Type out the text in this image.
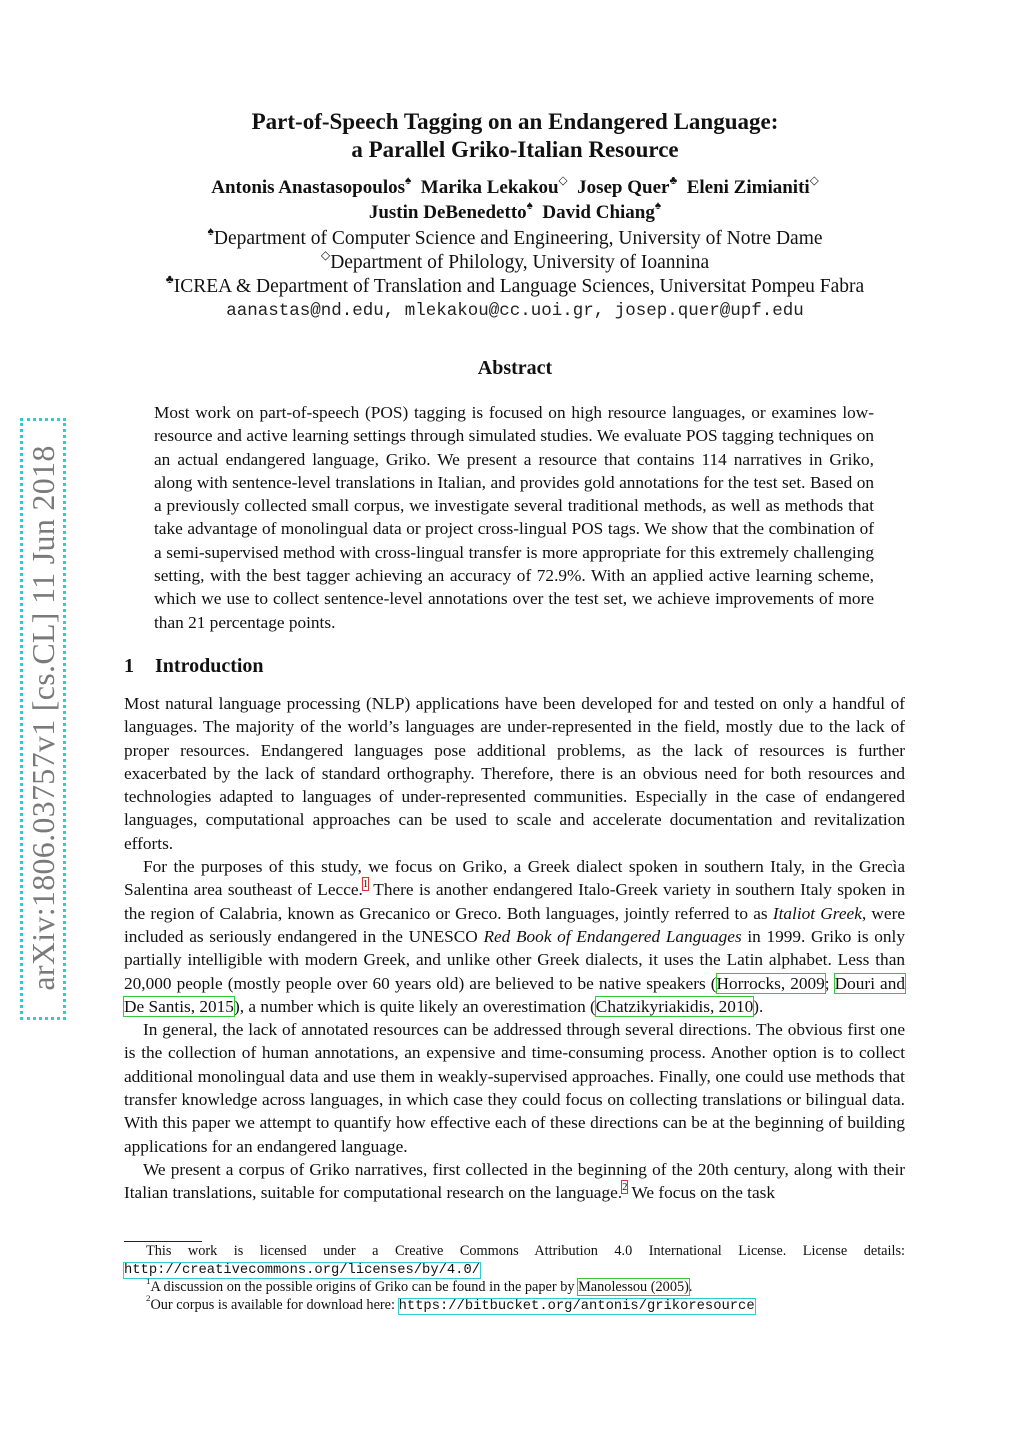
arXiv:1806.03757v1 [cs.CL] 11 Jun 2018
Part-of-Speech Tagging on an Endangered Language:
a Parallel Griko-Italian Resource
Antonis Anastasopoulos♠ Marika Lekakou◇ Josep Quer♣ Eleni Zimianiti◇
Justin DeBenedetto♠ David Chiang♠
♠Department of Computer Science and Engineering, University of Notre Dame
◇Department of Philology, University of Ioannina
♣ICREA & Department of Translation and Language Sciences, Universitat Pompeu Fabra
aanastas@nd.edu, mlekakou@cc.uoi.gr, josep.quer@upf.edu
Abstract
Most work on part-of-speech (POS) tagging is focused on high resource languages, or examines low-resource and active learning settings through simulated studies. We evaluate POS tagging techniques on an actual endangered language, Griko. We present a resource that contains 114 narratives in Griko, along with sentence-level translations in Italian, and provides gold annotations for the test set. Based on a previously collected small corpus, we investigate several traditional methods, as well as methods that take advantage of monolingual data or project cross-lingual POS tags. We show that the combination of a semi-supervised method with cross-lingual transfer is more appropriate for this extremely challenging setting, with the best tagger achieving an accuracy of 72.9%. With an applied active learning scheme, which we use to collect sentence-level annotations over the test set, we achieve improvements of more than 21 percentage points.
1 Introduction

Most natural language processing (NLP) applications have been developed for and tested on only a handful of languages. The majority of the world’s languages are under-represented in the field, mostly due to the lack of proper resources. Endangered languages pose additional problems, as the lack of resources is further exacerbated by the lack of standard orthography. Therefore, there is an obvious need for both resources and technologies adapted to languages of under-represented communities. Especially in the case of endangered languages, computational approaches can be used to scale and accelerate documentation and revitalization efforts.

For the purposes of this study, we focus on Griko, a Greek dialect spoken in southern Italy, in the Grecìa Salentina area southeast of Lecce.$^1$ There is another endangered Italo-Greek variety in southern Italy spoken in the region of Calabria, known as Grecanico or Greco. Both languages, jointly referred to as Italiot Greek, were included as seriously endangered in the UNESCO Red Book of Endangered Languages in 1999. Griko is only partially intelligible with modern Greek, and unlike other Greek dialects, it uses the Latin alphabet. Less than 20,000 people (mostly people over 60 years old) are believed to be native speakers (Horrocks, 2009; Douri and De Santis, 2015), a number which is quite likely an overestimation (Chatzikyriakidis, 2010).

In general, the lack of annotated resources can be addressed through several directions. The obvious first one is the collection of human annotations, an expensive and time-consuming process. Another option is to collect additional monolingual data and use them in weakly-supervised approaches. Finally, one could use methods that transfer knowledge across languages, in which case they could focus on collecting translations or bilingual data. With this paper we attempt to quantify how effective each of these directions can be at the beginning of building applications for an endangered language.

We present a corpus of Griko narratives, first collected in the beginning of the 20th century, along with their Italian translations, suitable for computational research on the language.$^2$ We focus on the task

This work is licensed under a Creative Commons Attribution 4.0 International License. License details: http://creativecommons.org/licenses/by/4.0/

$^1$A discussion on the possible origins of Griko can be found in the paper by Manolessou (2005).

$^2$Our corpus is available for download here: https://bitbucket.org/antonis/grikoresource
